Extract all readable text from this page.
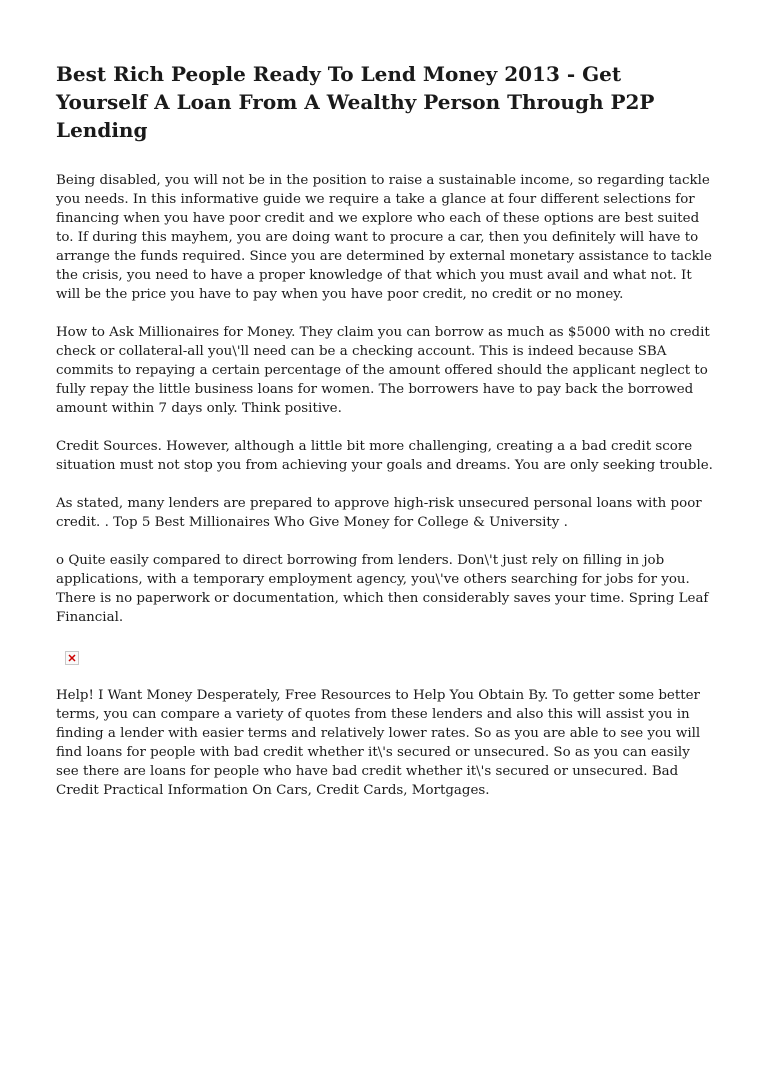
Best Rich People Ready To Lend Money 2013 - Get Yourself A Loan From A Wealthy Person Through P2P Lending

Being disabled, you will not be in the position to raise a sustainable income, so regarding tackle you needs. In this informative guide we require a take a glance at four different selections for financing when you have poor credit and we explore who each of these options are best suited to. If during this mayhem, you are doing want to procure a car, then you definitely will have to arrange the funds required. Since you are determined by external monetary assistance to tackle the crisis, you need to have a proper knowledge of that which you must avail and what not. It will be the price you have to pay when you have poor credit, no credit or no money.

How to Ask Millionaires for Money. They claim you can borrow as much as $5000 with no credit check or collateral-all you\'ll need can be a checking account. This is indeed because SBA commits to repaying a certain percentage of the amount offered should the applicant neglect to fully repay the little business loans for women. The borrowers have to pay back the borrowed amount within 7 days only. Think positive.

Credit Sources. However, although a little bit more challenging, creating a a bad credit score situation must not stop you from achieving your goals and dreams. You are only seeking trouble.

As stated, many lenders are prepared to approve high-risk unsecured personal loans with poor credit. . Top 5 Best Millionaires Who Give Money for College & University .

o Quite easily compared to direct borrowing from lenders. Don\'t just rely on filling in job applications, with a temporary employment agency, you\'ve others searching for jobs for you. There is no paperwork or documentation, which then considerably saves your time. Spring Leaf Financial.

Help! I Want Money Desperately, Free Resources to Help You Obtain By. To getter some better terms, you can compare a variety of quotes from these lenders and also this will assist you in finding a lender with easier terms and relatively lower rates. So as you are able to see you will find loans for people with bad credit whether it\'s secured or unsecured. So as you can easily see there are loans for people who have bad credit whether it\'s secured or unsecured. Bad Credit Practical Information On Cars, Credit Cards, Mortgages.
